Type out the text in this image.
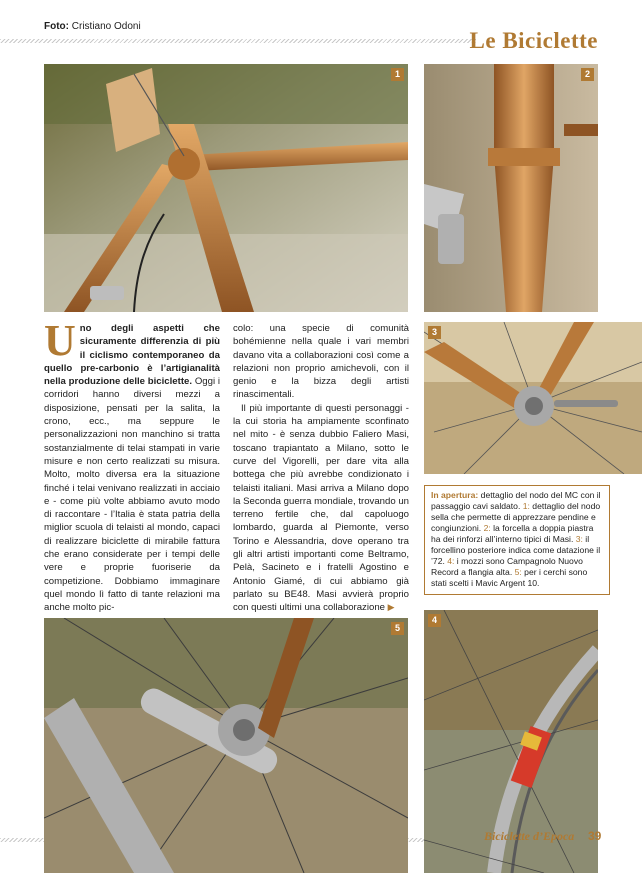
Foto: Cristiano Odoni
Le Biciclette
1	2

U no degli aspetti che sicuramente differenzia di più il ciclismo contemporaneo da quello pre-carbonio è l’artigianalità nella produzione delle biciclette. Oggi i corridori hanno diversi mezzi a disposizione, pensati per la salita, la crono, ecc., ma seppure le personalizzazioni non manchino si tratta sostanzialmente di telai stampati in varie misure e non certo realizzati su misura. Molto, molto diversa era la situazione finché i telai venivano realizzati in acciaio e - come più volte abbiamo avuto modo di raccontare - l’Italia è stata patria della miglior scuola di telaisti al mondo, capaci di realizzare biciclette di mirabile fattura che erano considerate per i tempi delle vere e proprie fuoriserie da competizione. Dobbiamo immaginare quel mondo lì fatto di tante relazioni ma anche molto pic-

colo: una specie di comunità bohémienne nella quale i vari membri davano vita a collaborazioni così come a relazioni non proprio amichevoli, con il genio e la bizza degli artisti rinascimentali.

Il più importante di questi personaggi - la cui storia ha ampiamente sconfinato nel mito - è senza dubbio Faliero Masi, toscano trapiantato a Milano, sotto le curve del Vigorelli, per dare vita alla bottega che più avrebbe condizionato i telaisti italiani. Masi arriva a Milano dopo la Seconda guerra mondiale, trovando un terreno fertile che, dal capoluogo lombardo, guarda al Piemonte, verso Torino e Alessandria, dove operano tra gli altri artisti importanti come Beltramo, Pelà, Sacineto e i fratelli Agostino e Antonio Giamé, di cui abbiamo già parlato su BE48. Masi avvierà proprio con questi ultimi una collaborazione ▶

3
In apertura: dettaglio del nodo del MC con il passaggio cavi saldato. 1: dettaglio del nodo sella che permette di apprezzare pendine e congiunzioni. 2: la forcella a doppia piastra ha dei rinforzi all’interno tipici di Masi. 3: il forcellino posteriore indica come datazione il ’72. 4: i mozzi sono Campagnolo Nuovo Record a flangia alta. 5: per i cerchi sono stati scelti i Mavic Argent 10.
5
4
Biciclette d’Epoca 39
